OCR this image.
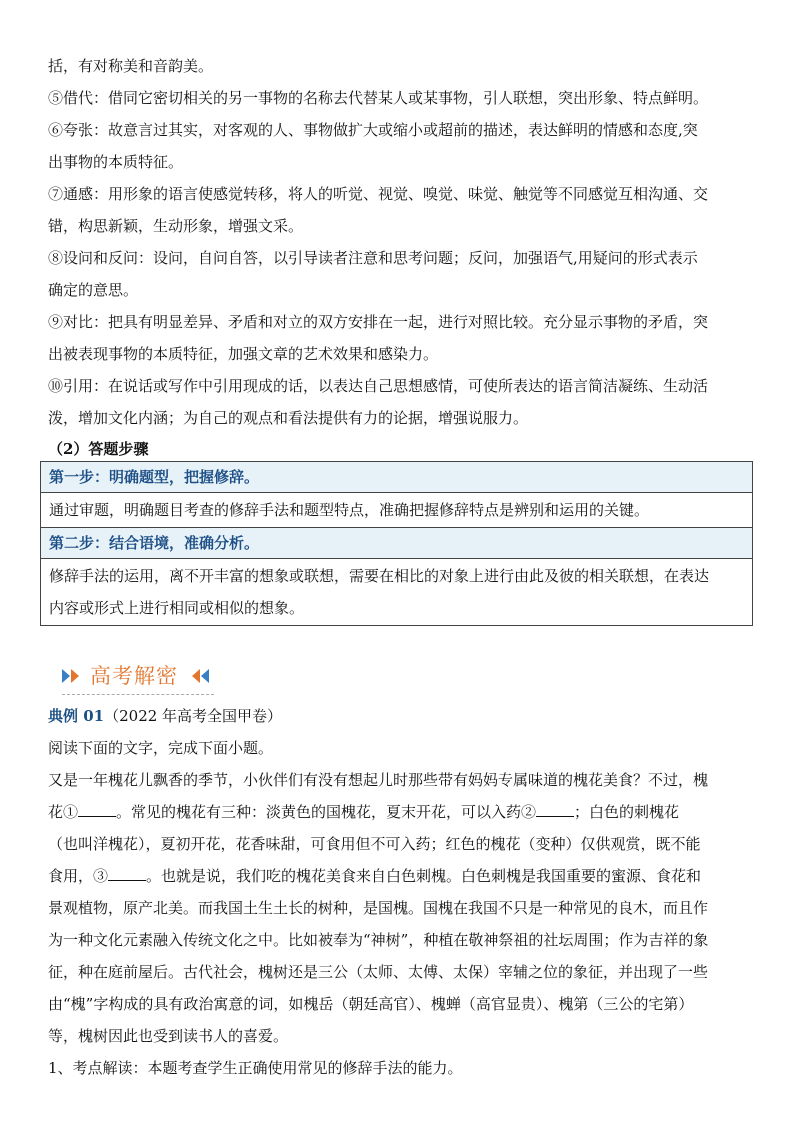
括，有对称美和音韵美。
⑤借代：借同它密切相关的另一事物的名称去代替某人或某事物，引人联想，突出形象、特点鲜明。
⑥夸张：故意言过其实，对客观的人、事物做扩大或缩小或超前的描述，表达鲜明的情感和态度,突
出事物的本质特征。
⑦通感：用形象的语言使感觉转移，将人的听觉、视觉、嗅觉、味觉、触觉等不同感觉互相沟通、交
错，构思新颖，生动形象，增强文采。
⑧设问和反问：设问，自问自答，以引导读者注意和思考问题；反问，加强语气,用疑问的形式表示
确定的意思。
⑨对比：把具有明显差异、矛盾和对立的双方安排在一起，进行对照比较。充分显示事物的矛盾，突
出被表现事物的本质特征，加强文章的艺术效果和感染力。
⑩引用：在说话或写作中引用现成的话，以表达自己思想感情，可使所表达的语言简洁凝练、生动活
泼，增加文化内涵；为自己的观点和看法提供有力的论据，增强说服力。
（2）答题步骤
第一步：明确题型，把握修辞。
通过审题，明确题目考查的修辞手法和题型特点，准确把握修辞特点是辨别和运用的关键。
第二步：结合语境，准确分析。
修辞手法的运用，离不开丰富的想象或联想，需要在相比的对象上进行由此及彼的相关联想，在表达
内容或形式上进行相同或相似的想象。
高考解密
典例 01（2022 年高考全国甲卷）
阅读下面的文字，完成下面小题。
又是一年槐花儿飘香的季节，小伙伴们有没有想起儿时那些带有妈妈专属味道的槐花美食？不过，槐
花①	。常见的槐花有三种：淡黄色的国槐花，夏末开花，可以入药②	；白色的刺槐花
（也叫洋槐花），夏初开花，花香味甜，可食用但不可入药；红色的槐花（变种）仅供观赏，既不能
食用，③	。也就是说，我们吃的槐花美食来自白色刺槐。白色刺槐是我国重要的蜜源、食花和
景观植物，原产北美。而我国土生土长的树种，是国槐。国槐在我国不只是一种常见的良木，而且作
为一种文化元素融入传统文化之中。比如被奉为“神树”，种植在敬神祭祖的社坛周围；作为吉祥的象
征，种在庭前屋后。古代社会，槐树还是三公（太师、太傅、太保）宰辅之位的象征，并出现了一些
由“槐”字构成的具有政治寓意的词，如槐岳（朝廷高官）、槐蝉（高官显贵）、槐第（三公的宅第）
等，槐树因此也受到读书人的喜爱。
1、考点解读：本题考查学生正确使用常见的修辞手法的能力。
